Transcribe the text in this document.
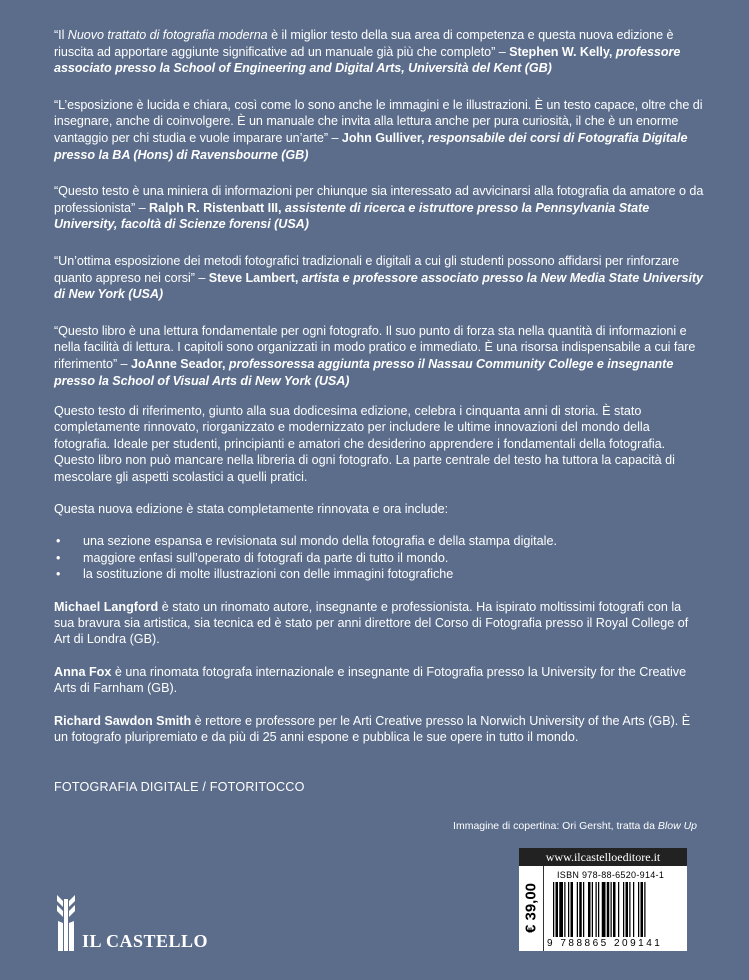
“Il Nuovo trattato di fotografia moderna è il miglior testo della sua area di competenza e questa nuova edizione è riuscita ad apportare aggiunte significative ad un manuale già più che completo” – Stephen W. Kelly, professore associato presso la School of Engineering and Digital Arts, Università del Kent (GB)

“L’esposizione è lucida e chiara, così come lo sono anche le immagini e le illustrazioni. È un testo capace, oltre che di insegnare, anche di coinvolgere. È un manuale che invita alla lettura anche per pura curiosità, il che è un enorme vantaggio per chi studia e vuole imparare un’arte” – John Gulliver, responsabile dei corsi di Fotografia Digitale presso la BA (Hons) di Ravensbourne (GB)

“Questo testo è una miniera di informazioni per chiunque sia interessato ad avvicinarsi alla fotografia da amatore o da professionista” – Ralph R. Ristenbatt III, assistente di ricerca e istruttore presso la Pennsylvania State University, facoltà di Scienze forensi (USA)

“Un’ottima esposizione dei metodi fotografici tradizionali e digitali a cui gli studenti possono affidarsi per rinforzare quanto appreso nei corsi” – Steve Lambert, artista e professore associato presso la New Media State University di New York (USA)

“Questo libro è una lettura fondamentale per ogni fotografo. Il suo punto di forza sta nella quantità di informazioni e nella facilità di lettura. I capitoli sono organizzati in modo pratico e immediato. È una risorsa indispensabile a cui fare riferimento” – JoAnne Seador, professoressa aggiunta presso il Nassau Community College e insegnante presso la School of Visual Arts di New York (USA)

Questo testo di riferimento, giunto alla sua dodicesima edizione, celebra i cinquanta anni di storia. È stato completamente rinnovato, riorganizzato e modernizzato per includere le ultime innovazioni del mondo della fotografia. Ideale per studenti, principianti e amatori che desiderino apprendere i fondamentali della fotografia. Questo libro non può mancare nella libreria di ogni fotografo. La parte centrale del testo ha tuttora la capacità di mescolare gli aspetti scolastici a quelli pratici.

Questa nuova edizione è stata completamente rinnovata e ora include:

• una sezione espansa e revisionata sul mondo della fotografia e della stampa digitale.
• maggiore enfasi sull’operato di fotografi da parte di tutto il mondo.
• la sostituzione di molte illustrazioni con delle immagini fotografiche

Michael Langford è stato un rinomato autore, insegnante e professionista. Ha ispirato moltissimi fotografi con la sua bravura sia artistica, sia tecnica ed è stato per anni direttore del Corso di Fotografia presso il Royal College of Art di Londra (GB).

Anna Fox è una rinomata fotografa internazionale e insegnante di Fotografia presso la University for the Creative Arts di Farnham (GB).

Richard Sawdon Smith è rettore e professore per le Arti Creative presso la Norwich University of the Arts (GB). È un fotografo pluripremiato e da più di 25 anni espone e pubblica le sue opere in tutto il mondo.

FOTOGRAFIA DIGITALE / FOTORITOCCO
Immagine di copertina: Ori Gersht, tratta da Blow Up
www.ilcastelloeditore.it
€ 39,00
ISBN 978-88-6520-914-1
9 788865 209141
IL CASTELLO
